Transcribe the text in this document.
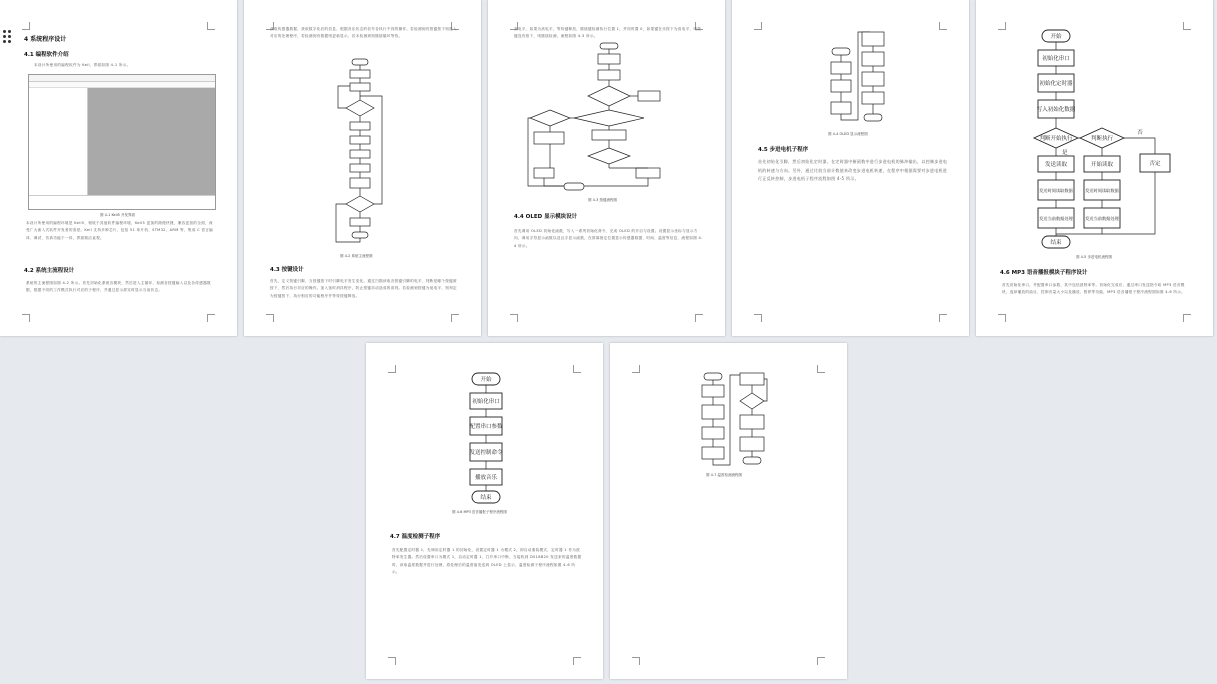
4 系统程序设计
4.1 编程软件介绍
本设计所使用的编程软件为 Keil，界面如图 4-1 所示。
图 4-1 Keil5 开发界面
本设计所使用的编程环境是 Keil5，相较于其他软件编程环境，Keil5 更加的简便快捷，兼容更加的全面，深受广大嵌入式软件开发者的喜爱。Keil 支持多种芯片，包括 51 单片机、STM32、ARM 等，集成 C 语言编译、调试、仿真功能于一体，界面简洁直观。
4.2 系统主流程设计
系统的主流程图如图 4-2 所示。首先初始化系统各模块，然后进入主循环，检测各按键输入以及各传感器数据，根据不同的工作模式执行对应的子程序，并通过显示屏实时显示当前状态。
获取传感器数据，获取数字化后的信息，根据音乐状态的信号各执行不同的操作。若检测到有按键按下则进入对应的处理程序，若检测到有数据则更新显示，若未检测到则继续循环等待。
图 4-2 系统主流程图
4.3 按键设计
首先，定义按键引脚，当按键按下时引脚电平发生变化。通过扫描读取各按键引脚的电平，判断是哪个按键被按下，然后执行对应的操作。加入延时消抖程序，防止按键抖动造成的误判。若检测到按键为低电平，则判定为按键按下，执行相应的功能程序并等待按键释放。
高电平，如果为高电平，等待键释放，继续键检测执行位置 1，并同时置 0，如果键在未按下为高电平，则按键没有按下，则继续检测，流程如图 4-3 所示。
图 4-3 按键流程图
4.4 OLED 显示模块设计
首先调用 OLED 初始化函数，写入一系列初始化命令，完成 OLED 的开启与设置。设置显示坐标与显示方向，调用字符显示函数以及汉字显示函数，在屏幕指定位置显示传感器数据、时间、温度等信息，流程如图 4-4 所示。
图 4-4 OLED 显示流程图
4.5 步进电机子程序
首先初始化引脚，然后初始化定时器，在定时器中断函数中进行步进电机的脉冲输出，以控制步进电机的转速与方向。另外，通过比较当前计数值来改变步进电机转速，在程序中根据需要对步进电机进行正反转控制，步进电机子程序流程如图 4-5 所示。
开始
初始化串口
初始化定时器
写入初始化数据
判断开始执行	判断执行
否
是
发送读取	开始读取	否定
发送时间读取数据	发送时间读取数据
发送当前数据处理	发送当前数据处理
结束
图 4-5 步进电机流程图
4.6 MP3 语音播报模块子程序设计
首先初始化串口，并配置串口参数，其中包括波特率等。初始化完成后，通过串口发送指令给 MP3 语音模块，选择播放的曲目，控制音量大小以及播放、暂停等功能，MP3 语音播报子程序流程图如图 4-6 所示。
开始
初始化串口
配置串口参数
发送控制命令
播放音乐
结束
图 4-6 MP3 语音播报子程序流程图
4.7 温度检测子程序
首先配置定时器 1，先调用定时器 1 的初始化，设置定时器 1 为模式 2，即自动重装模式，定时器 1 作为波特率发生器。然后设置串口为模式 1，启动定时器 1，打开串口中断，当接收到 DS18B20 发送来的温度数据时，读取温度数据并进行处理，将处理后的温度值发送到 OLED 上显示，温度检测子程序流程如图 4-6 所示。
图 4-7 温度检测流程图
